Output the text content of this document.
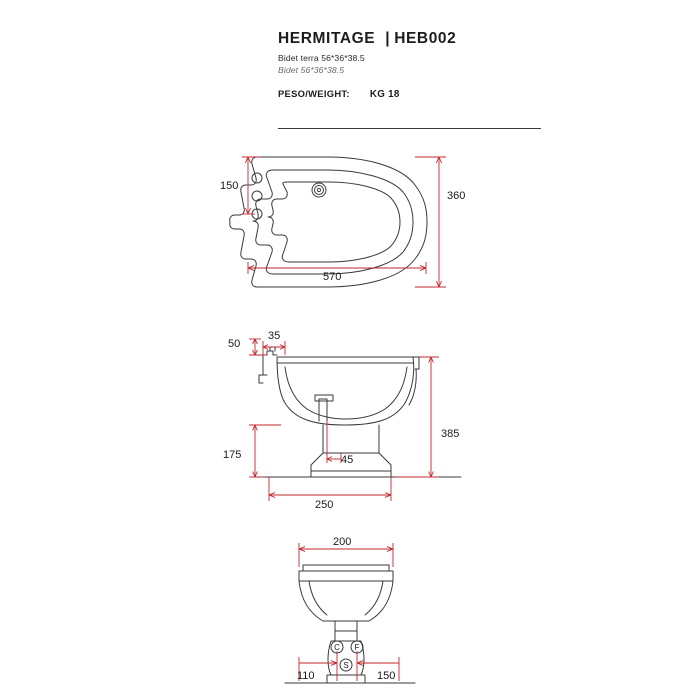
HERMITAGE | HEB002
Bidet terra 56*36*38.5
Bidet 56*36*38.5
PESO/WEIGHT: KG 18
150
360
570
50
35
385
175	45
250
C F
S
200
110	150
